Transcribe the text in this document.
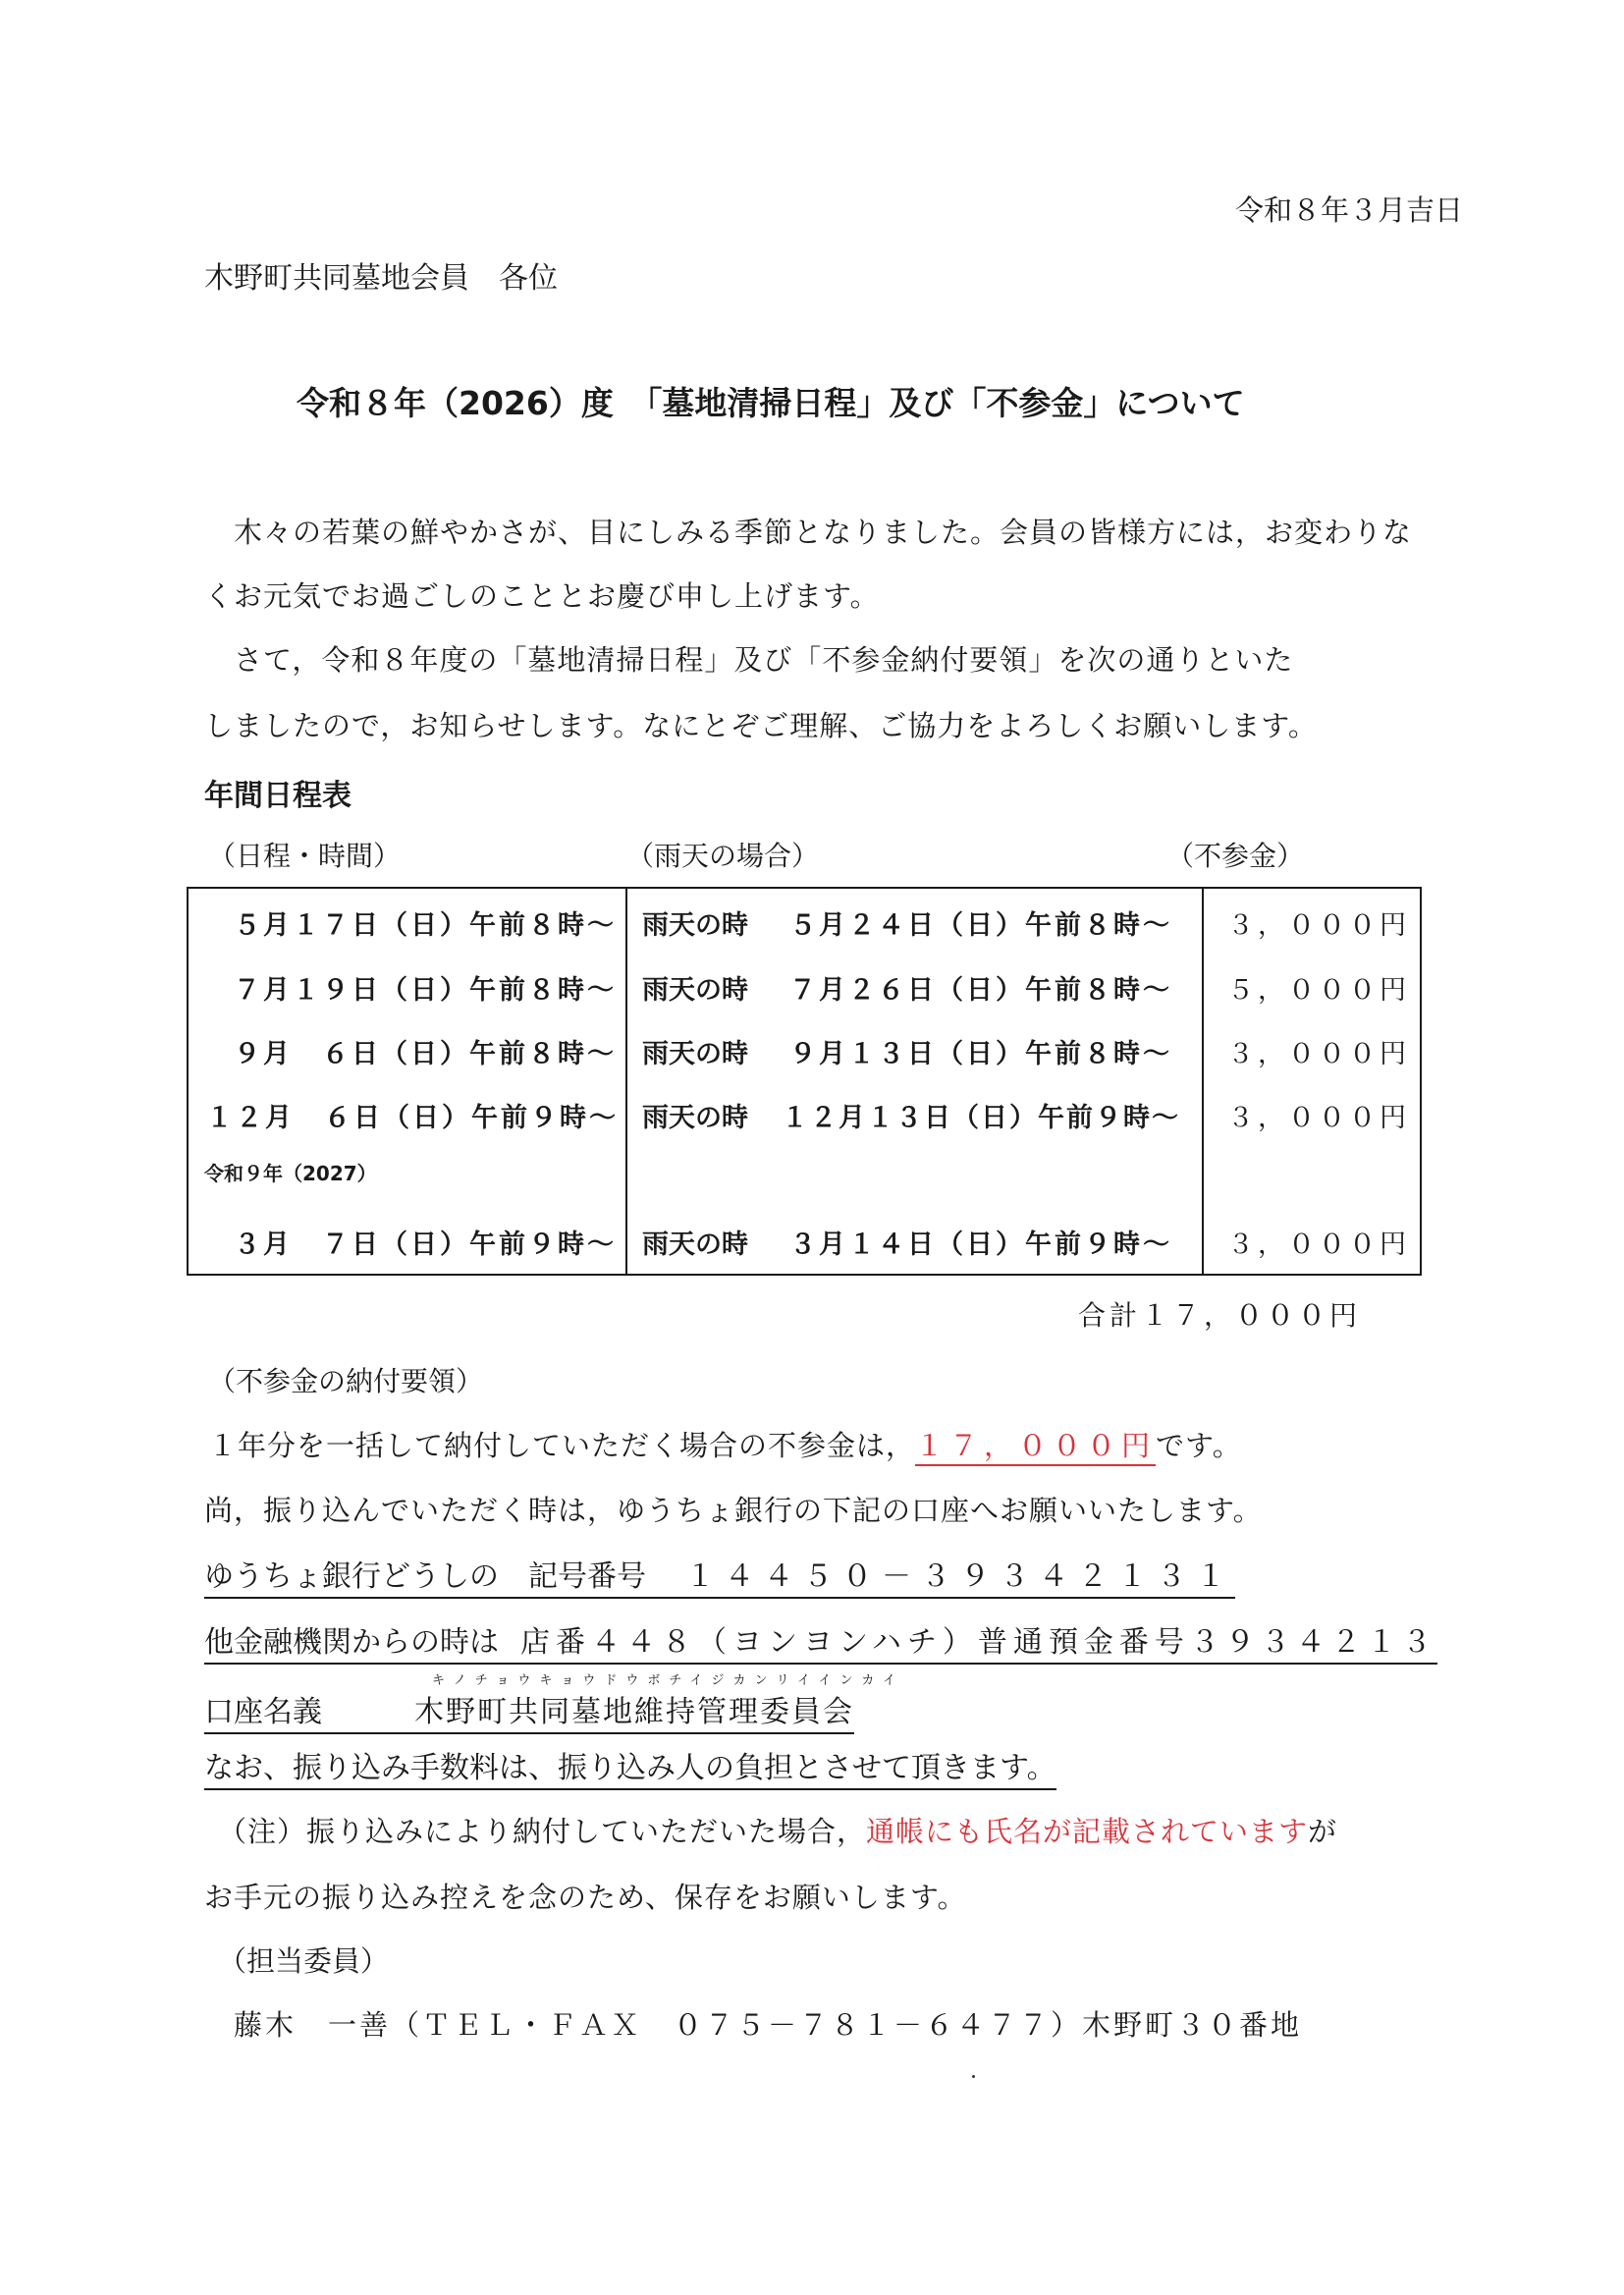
令和８年３月吉日
木野町共同墓地会員　各位
令和８年（2026）度　「墓地清掃日程」及び「不参金」について
木々の若葉の鮮やかさが、目にしみる季節となりました。会員の皆様方には，お変わりな
くお元気でお過ごしのこととお慶び申し上げます。
さて，令和８年度の「墓地清掃日程」及び「不参金納付要領」を次の通りといた
しましたので，お知らせします。なにとぞご理解、ご協力をよろしくお願いします。
年間日程表
（日程・時間）	（雨天の場合）	（不参金）
５月１７日（日）午前８時～ 雨天の時 ５月２４日（日）午前８時～ ３，０００円
７月１９日（日）午前８時～ 雨天の時 ７月２６日（日）午前８時～ ５，０００円
９月　６日（日）午前８時～ 雨天の時 ９月１３日（日）午前８時～ ３，０００円
１２月　６日（日）午前９時～ 雨天の時 １２月１３日（日）午前９時～ ３，０００円
令和９年（2027）
３月　７日（日）午前９時～ 雨天の時 ３月１４日（日）午前９時～ ３，０００円
合計１７，０００円
（不参金の納付要領）
１年分を一括して納付していただく場合の不参金は，１７，０００円です。
尚，振り込んでいただく時は，ゆうちょ銀行の下記の口座へお願いいたします。
ゆうちょ銀行どうしの　記号番号 １４４５０－３９３４２１３１
他金融機関からの時は 店番４４８（ヨンヨンハチ）普通預金番号３９３４２１３
キノチョウキョウドウボチイジカンリイインカイ
口座名義	木野町共同墓地維持管理委員会
なお、振り込み手数料は、振り込み人の負担とさせて頂きます。
（注）振り込みにより納付していただいた場合，通帳にも氏名が記載されていますが
お手元の振り込み控えを念のため、保存をお願いします。
（担当委員）
藤木　一善（ＴＥＬ・ＦＡＸ　０７５－７８１－６４７７）木野町３０番地
